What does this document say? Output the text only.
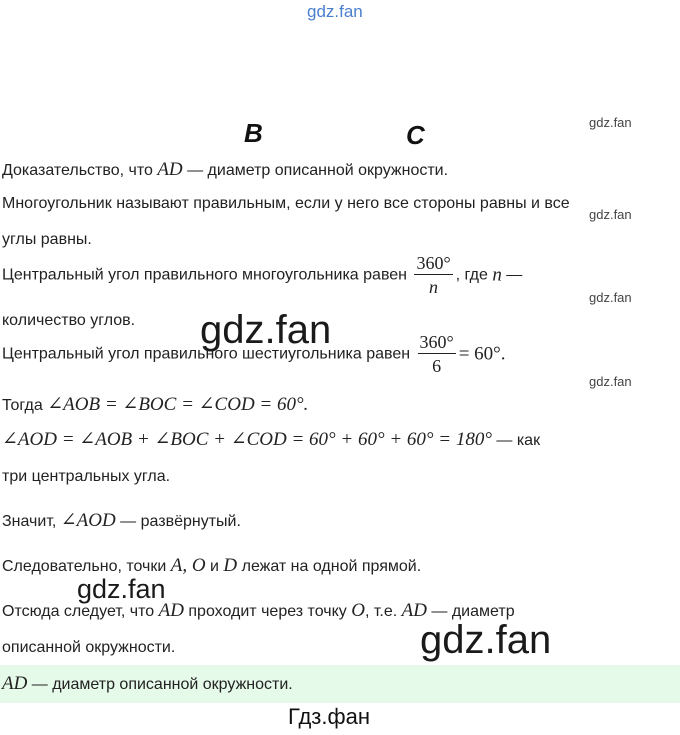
gdz.fan
B	C	gdz.fan
gdz.fan
gdz.fan
gdz.fan
Доказательство, что AD — диаметр описанной окружности.
Многоугольник называют правильным, если у него все стороны равны и все
углы равны.
Центральный угол правильного многоугольника равен $\frac{360^\circ}{n}$ , где n —
количество углов.
Центральный угол правильного шестиугольника равен $\frac{360^\circ}{6} = 60^\circ$.
gdz.fan
Тогда ∠AOB = ∠BOC = ∠COD = 60°.
∠AOD = ∠AOB + ∠BOC + ∠COD = 60° + 60° + 60° = 180° — как
три центральных угла.
Значит, ∠AOD — развёрнутый.
Следовательно, точки A, O и D лежат на одной прямой.
gdz.fan
Отсюда следует, что AD проходит через точку O, т.е. AD — диаметр
описанной окружности.
AD — диаметр описанной окружности.
gdz.fan
Гдз.фан
